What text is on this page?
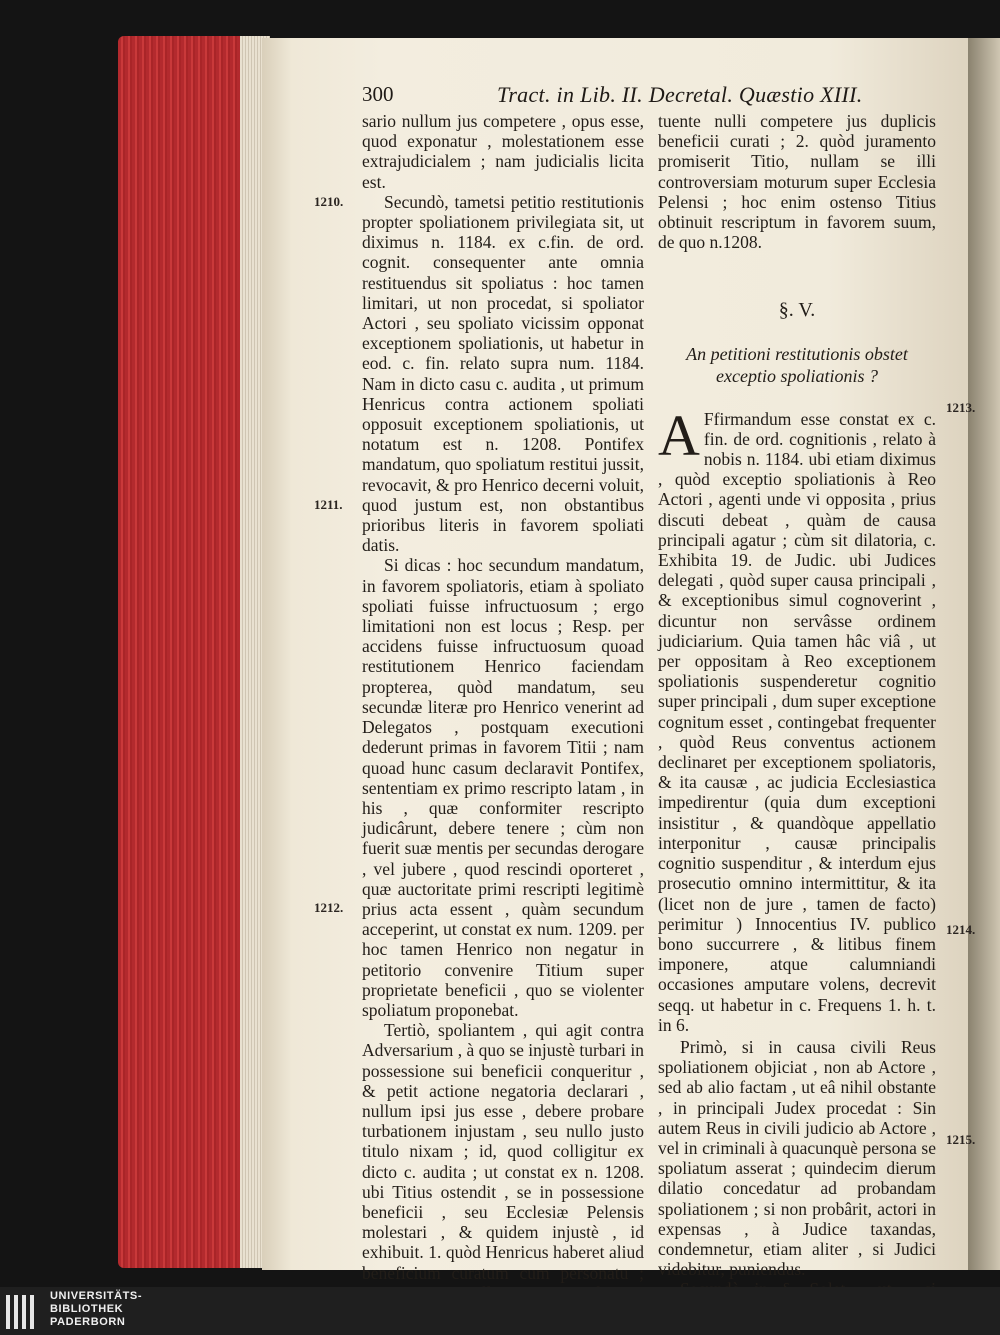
300	Tract. in Lib. II. Decretal. Quæstio XIII.
1210.
1211.
1212.
1213.
1214.
1215.

sario nullum jus competere , opus esse, quod exponatur , molestationem esse extrajudicialem ; nam judicialis licita est.

Secundò, tametsi petitio restitutionis propter spoliationem privilegiata sit, ut diximus n. 1184. ex c.fin. de ord. cognit. consequenter ante omnia restituendus sit spoliatus : hoc tamen limitari, ut non procedat, si spoliator Actori , seu spoliato vicissim opponat exceptionem spoliationis, ut habetur in eod. c. fin. relato supra num. 1184. Nam in dicto casu c. audita , ut primum Henricus contra actionem spoliati opposuit exceptionem spoliationis, ut notatum est n. 1208. Pontifex mandatum, quo spoliatum restitui jussit, revocavit, & pro Henrico decerni voluit, quod justum est, non obstantibus prioribus literis in favorem spoliati datis.

Si dicas : hoc secundum mandatum, in favorem spoliatoris, etiam à spoliato spoliati fuisse infructuosum ; ergo limitationi non est locus ; Resp. per accidens fuisse infructuosum quoad restitutionem Henrico faciendam propterea, quòd mandatum, seu secundæ literæ pro Henrico venerint ad Delegatos , postquam executioni dederunt primas in favorem Titii ; nam quoad hunc casum declaravit Pontifex, sententiam ex primo rescripto latam , in his , quæ conformiter rescripto judicârunt, debere tenere ; cùm non fuerit suæ mentis per secundas derogare , vel jubere , quod rescindi oporteret , quæ auctoritate primi rescripti legitimè prius acta essent , quàm secundum acceperint, ut constat ex num. 1209. per hoc tamen Henrico non negatur in petitorio convenire Titium super proprietate beneficii , quo se violenter spoliatum proponebat.

Tertiò, spoliantem , qui agit contra Adversarium , à quo se injustè turbari in possessione sui beneficii conqueritur , & petit actione negatoria declarari , nullum ipsi jus esse , debere probare turbationem injustam , seu nullo justo titulo nixam ; id, quod colligitur ex dicto c. audita ; ut constat ex n. 1208. ubi Titius ostendit , se in possessione beneficii , seu Ecclesiæ Pelensis molestari , & quidem injustè , id exhibuit. 1. quòd Henricus haberet aliud beneficium curatum cum personatu ;

tuente nulli competere jus duplicis beneficii curati ; 2. quòd juramento promiserit Titio, nullam se illi controversiam moturum super Ecclesia Pelensi ; hoc enim ostenso Titius obtinuit rescriptum in favorem suum, de quo n.1208.

§. V.
An petitioni restitutionis obstet exceptio spoliationis ?

A Ffirmandum esse constat ex c. fin. de ord. cognitionis , relato à nobis n. 1184. ubi etiam diximus , quòd exceptio spoliationis à Reo Actori , agenti unde vi opposita , prius discuti debeat , quàm de causa principali agatur ; cùm sit dilatoria, c. Exhibita 19. de Judic. ubi Judices delegati , quòd super causa principali , & exceptionibus simul cognoverint , dicuntur non servâsse ordinem judiciarium. Quia tamen hâc viâ , ut per oppositam à Reo exceptionem spoliationis suspenderetur cognitio super principali , dum super exceptione cognitum esset , contingebat frequenter , quòd Reus conventus actionem declinaret per exceptionem spoliatoris, & ita causæ , ac judicia Ecclesiastica impedirentur (quia dum exceptioni insistitur , & quandòque appellatio interponitur , causæ principalis cognitio suspenditur , & interdum ejus prosecutio omnino intermittitur, & ita (licet non de jure , tamen de facto) perimitur ) Innocentius IV. publico bono succurrere , & litibus finem imponere, atque calumniandi occasiones amputare volens, decrevit seqq. ut habetur in c. Frequens 1. h. t. in 6.

Primò, si in causa civili Reus spoliationem objiciat , non ab Actore , sed ab alio factam , ut eâ nihil obstante , in principali Judex procedat : Sin autem Reus in civili judicio ab Actore , vel in criminali à quacunquè persona se spoliatum asserat ; quindecim dierum dilatio concedatur ad probandam spoliationem ; si non probârit, actori in expensas , à Judice taxandas, condemnetur, etiam aliter , si Judici videbitur, puniendus.

UNIVERSITÄTS-
BIBLIOTHEK
PADERBORN
